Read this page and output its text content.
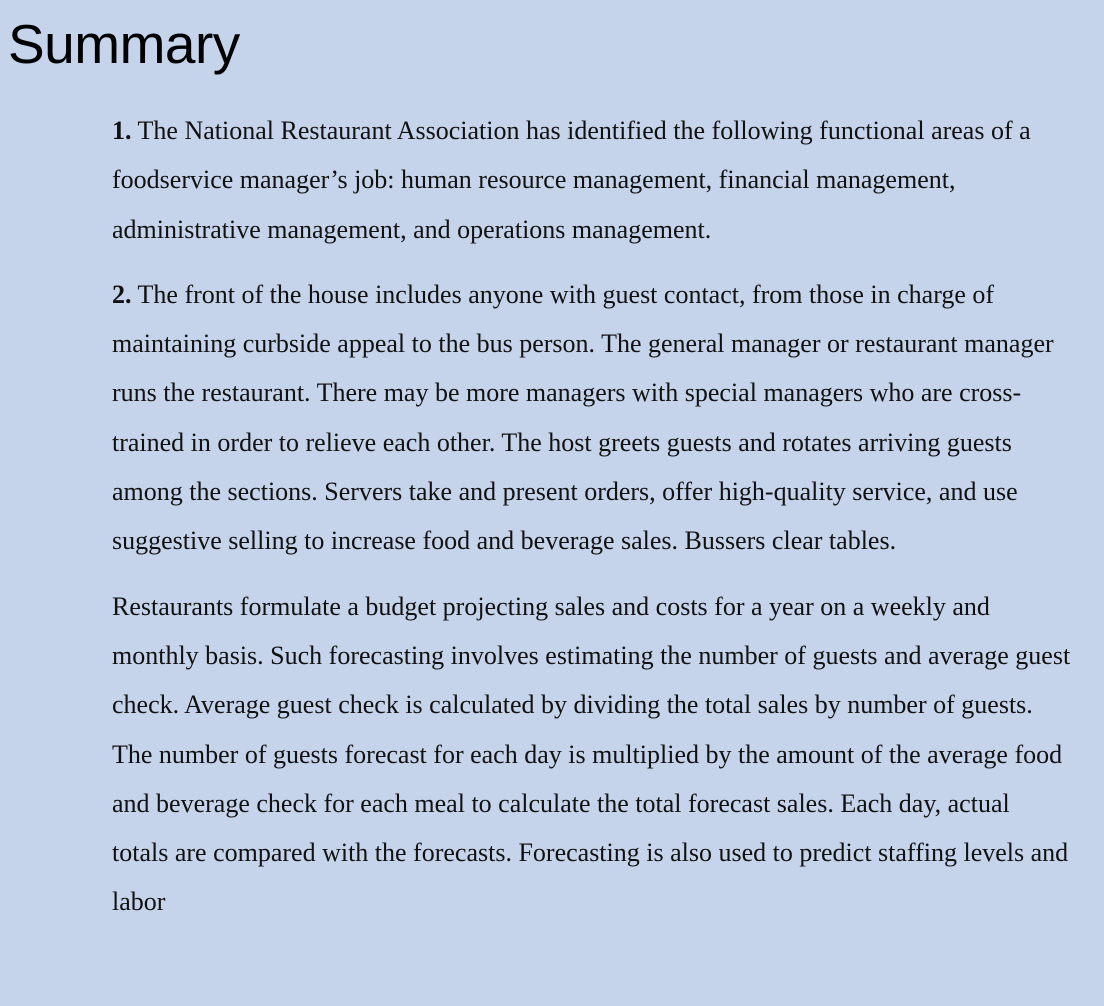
Summary

1. The National Restaurant Association has identified the following functional areas of a foodservice manager’s job: human resource management, financial management, administrative management, and operations management.

2. The front of the house includes anyone with guest contact, from those in charge of maintaining curbside appeal to the bus person. The general manager or restaurant manager runs the restaurant. There may be more managers with special managers who are cross-trained in order to relieve each other. The host greets guests and rotates arriving guests among the sections. Servers take and present orders, offer high-quality service, and use suggestive selling to increase food and beverage sales. Bussers clear tables.

Restaurants formulate a budget projecting sales and costs for a year on a weekly and monthly basis. Such forecasting involves estimating the number of guests and average guest check. Average guest check is calculated by dividing the total sales by number of guests. The number of guests forecast for each day is multiplied by the amount of the average food and beverage check for each meal to calculate the total forecast sales. Each day, actual totals are compared with the forecasts. Forecasting is also used to predict staffing levels and labor
